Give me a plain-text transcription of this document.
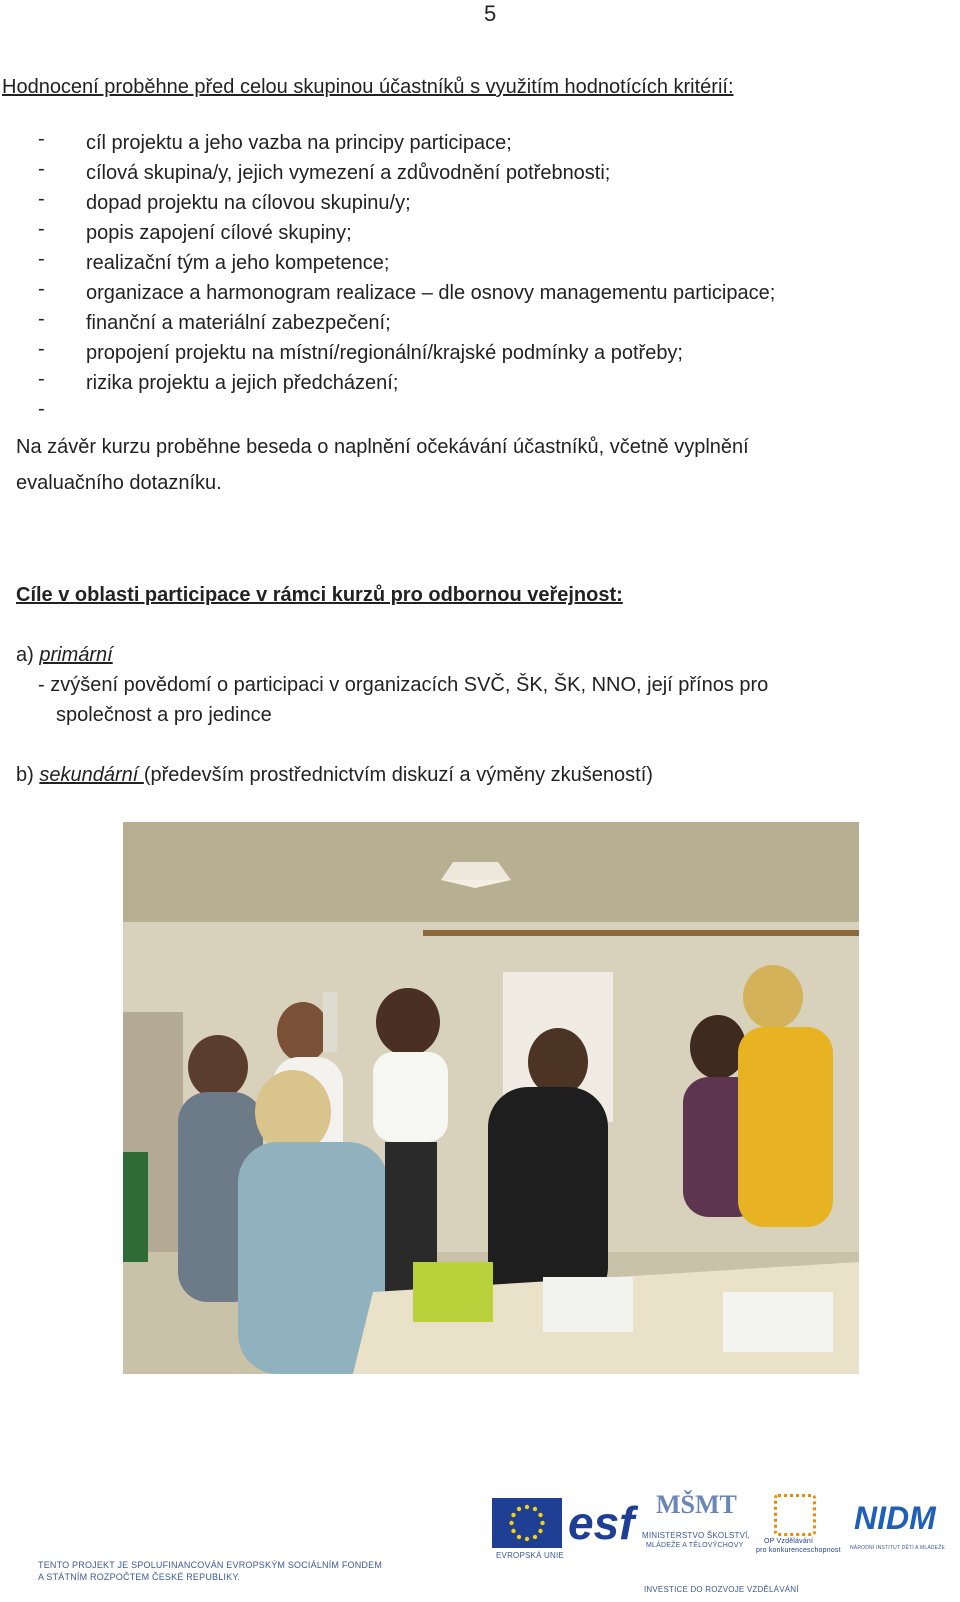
5
Hodnocení proběhne před celou skupinou účastníků s využitím hodnotících kritérií:
- cíl projektu a jeho vazba na principy participace;
- cílová skupina/y, jejich vymezení a zdůvodnění potřebnosti;
- dopad projektu na cílovou skupinu/y;
- popis zapojení cílové skupiny;
- realizační tým a jeho kompetence;
- organizace a harmonogram realizace – dle osnovy managementu participace;
- finanční a materiální zabezpečení;
- propojení projektu na místní/regionální/krajské podmínky a potřeby;
- rizika projektu a jejich předcházení;
-
Na závěr kurzu proběhne beseda o naplnění očekávání účastníků, včetně vyplnění
evaluačního dotazníku.
Cíle v oblasti participace v rámci kurzů pro odbornou veřejnost:
a) primární
- zvýšení povědomí o participaci v organizacích SVČ, ŠK, ŠK, NNO, její přínos pro
společnost a pro jedince
b) sekundární (především prostřednictvím diskuzí a výměny zkušeností)
TENTO PROJEKT JE SPOLUFINANCOVÁN EVROPSKÝM SOCIÁLNÍM FONDEM
A STÁTNÍM ROZPOČTEM ČESKÉ REPUBLIKY.
EVROPSKÁ UNIE
esf MŠMT
MINISTERSTVO ŠKOLSTVÍ,
MLÁDEŽE A TĚLOVÝCHOVY
OP Vzdělávání
pro konkurenceschopnost
NIDM
NÁRODNÍ INSTITUT DĚTÍ A MLÁDEŽE
INVESTICE DO ROZVOJE VZDĚLÁVÁNÍ
